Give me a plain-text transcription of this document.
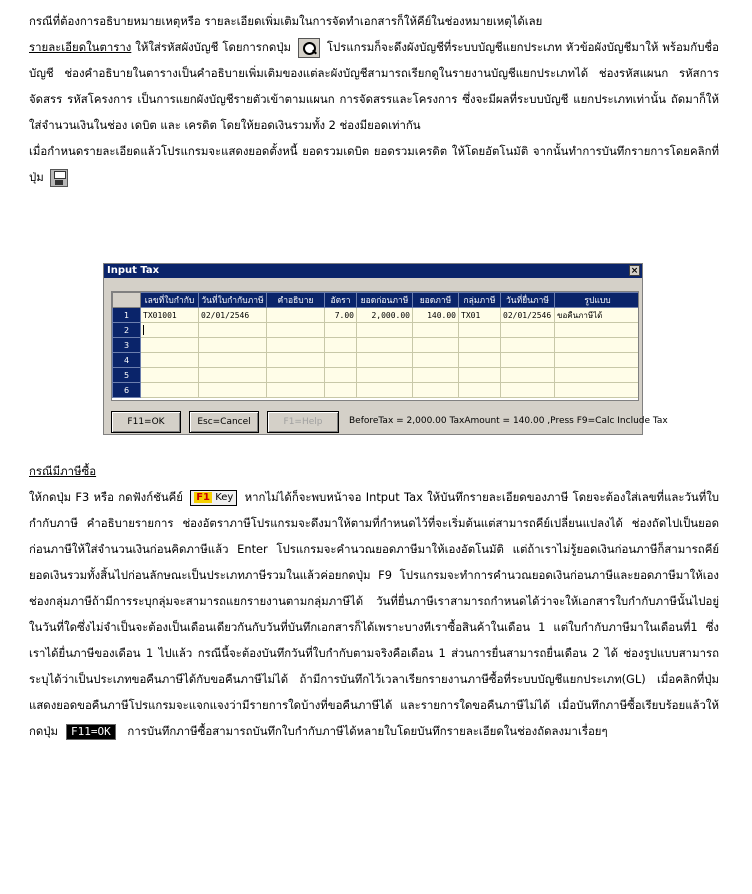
กรณีที่ต้องการอธิบายหมายเหตุหรือ รายละเอียดเพิ่มเติมในการจัดทำเอกสารก็ให้คีย์ในช่องหมายเหตุได้เลย

รายละเอียดในตาราง ให้ใส่รหัสผังบัญชี โดยการกดปุ่ม
โปรแกรมก็จะดึงผังบัญชีที่ระบบบัญชีแยกประเภท หัวข้อผังบัญชีมาให้ พร้อมกับชื่อบัญชี ช่องคำอธิบายในตารางเป็นคำอธิบายเพิ่มเติมของแต่ละผังบัญชีสามารถเรียกดูในรายงานบัญชีแยกประเภทได้ ช่องรหัสแผนก รหัสการจัดสรร รหัสโครงการ เป็นการแยกผังบัญชีรายตัวเข้าตามแผนก การจัดสรรและโครงการ ซึ่งจะมีผลที่ระบบบัญชี แยกประเภทเท่านั้น ถัดมาก็ให้ใส่จำนวนเงินในช่อง เดบิต และ เครดิต โดยให้ยอดเงินรวมทั้ง 2 ช่องมียอดเท่ากัน

เมื่อกำหนดรายละเอียดแล้วโปรแกรมจะแสดงยอดตั้งหนี้ ยอดรวมเดบิต ยอดรวมเครดิต ให้โดยอัตโนมัติ จากนั้นทำการบันทึกรายการโดยคลิกที่ปุ่ม

Input Tax	×
	เลขที่ใบกำกับ	วันที่ใบกำกับภาษี	คำอธิบาย	อัตรา	ยอดก่อนภาษี	ยอดภาษี	กลุ่มภาษี	วันที่ยื่นภาษี	รูปแบบ
1	TX01001	02/01/2546		7.00	2,000.00	140.00	TX01	02/01/2546	ขอคืนภาษีได้
2									
3									
4									
5									
6									
F11=OK	Esc=Cancel	F1=Help	BeforeTax = 2,000.00 TaxAmount = 140.00 ,Press F9=Calc Include Tax

กรณีมีภาษีซื้อ

ให้กดปุ่ม F3 หรือ กดฟังก์ชันคีย์ F1 Key หากไม่ได้ก็จะพบหน้าจอ Intput Tax ให้บันทึกรายละเอียดของภาษี โดยจะต้องใส่เลขที่และวันที่ใบกำกับภาษี คำอธิบายรายการ ช่องอัตราภาษีโปรแกรมจะดึงมาให้ตามที่กำหนดไว้ที่จะเริ่มต้นแต่สามารถคีย์เปลี่ยนแปลงได้ ช่องถัดไปเป็นยอดก่อนภาษีให้ใส่จำนวนเงินก่อนคิดภาษีแล้ว Enter โปรแกรมจะคำนวณยอดภาษีมาให้เองอัตโนมัติ แต่ถ้าเราไม่รู้ยอดเงินก่อนภาษีก็สามารถคีย์ยอดเงินรวมทั้งสิ้นไปก่อนลักษณะเป็นประเภทภาษีรวมในแล้วค่อยกดปุ่ม F9 โปรแกรมจะทำการคำนวณยอดเงินก่อนภาษีและยอดภาษีมาให้เองช่องกลุ่มภาษีถ้ามีการระบุกลุ่มจะสามารถแยกรายงานตามกลุ่มภาษีได้ วันที่ยื่นภาษีเราสามารถกำหนดได้ว่าจะให้เอกสารใบกำกับภาษีนั้นไปอยู่ในวันที่ใดซึ่งไม่จำเป็นจะต้องเป็นเดือนเดียวกันกับวันที่บันทึกเอกสารก็ได้เพราะบางทีเราซื้อสินค้าในเดือน 1 แต่ใบกำกับภาษีมาในเดือนที่1 ซึ่งเราได้ยื่นภาษีของเดือน 1 ไปแล้ว กรณีนี้จะต้องบันทึกวันที่ใบกำกับตามจริงคือเดือน 1 ส่วนการยื่นสามารถยื่นเดือน 2 ได้ ช่องรูปแบบสามารถระบุได้ว่าเป็นประเภทขอคืนภาษีได้กับขอคืนภาษีไม่ได้ ถ้ามีการบันทึกไว้เวลาเรียกรายงานภาษีซื้อที่ระบบบัญชีแยกประเภท(GL) เมื่อคลิกที่ปุ่มแสดงยอดขอคืนภาษีโปรแกรมจะแจกแจงว่ามีรายการใดบ้างที่ขอคืนภาษีได้ และรายการใดขอคืนภาษีไม่ได้ เมื่อบันทึกภาษีซื้อเรียบร้อยแล้วให้กดปุ่ม F11=OK การบันทึกภาษีซื้อสามารถบันทึกใบกำกับภาษีได้หลายใบโดยบันทึกรายละเอียดในช่องถัดลงมาเรื่อยๆ
